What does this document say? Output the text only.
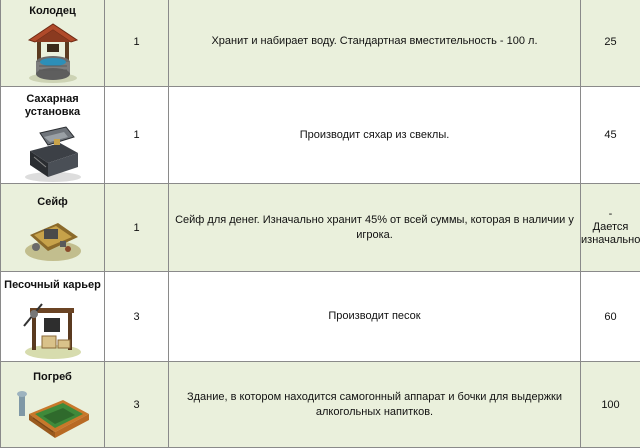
Колодец	1	Хранит и набирает воду. Стандартная вместительность - 100 л.	25

Сахарная установка	1	Производит сяхар из свеклы.	45

Сейф	1	Сейф для денег. Изначально хранит 45% от всей суммы, которая в наличии у игрока.	-
Дается
изначально

Песочный карьер	3	Производит песок	60

Погреб	3	Здание, в котором находится самогонный аппарат и бочки для выдержки алкогольных напитков.	100
